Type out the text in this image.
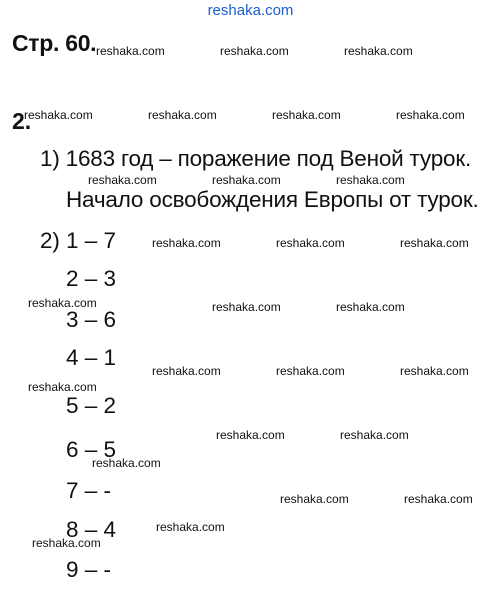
reshaka.com
Стр. 60.
2.
1) 1683 год – поражение под Веной турок.
Начало освобождения Европы от турок.
2) 1 – 7
2 – 3
3 – 6
4 – 1
5 – 2
6 – 5
7 – -
8 – 4
9 – -
reshaka.com	reshaka.com	reshaka.com
reshaka.com	reshaka.com	reshaka.com	reshaka.com
reshaka.com	reshaka.com	reshaka.com
reshaka.com	reshaka.com	reshaka.com
reshaka.com	reshaka.com	reshaka.com
reshaka.com
reshaka.com	reshaka.com	reshaka.com
reshaka.com	reshaka.com
reshaka.com
reshaka.com	reshaka.com
reshaka.com
reshaka.com
